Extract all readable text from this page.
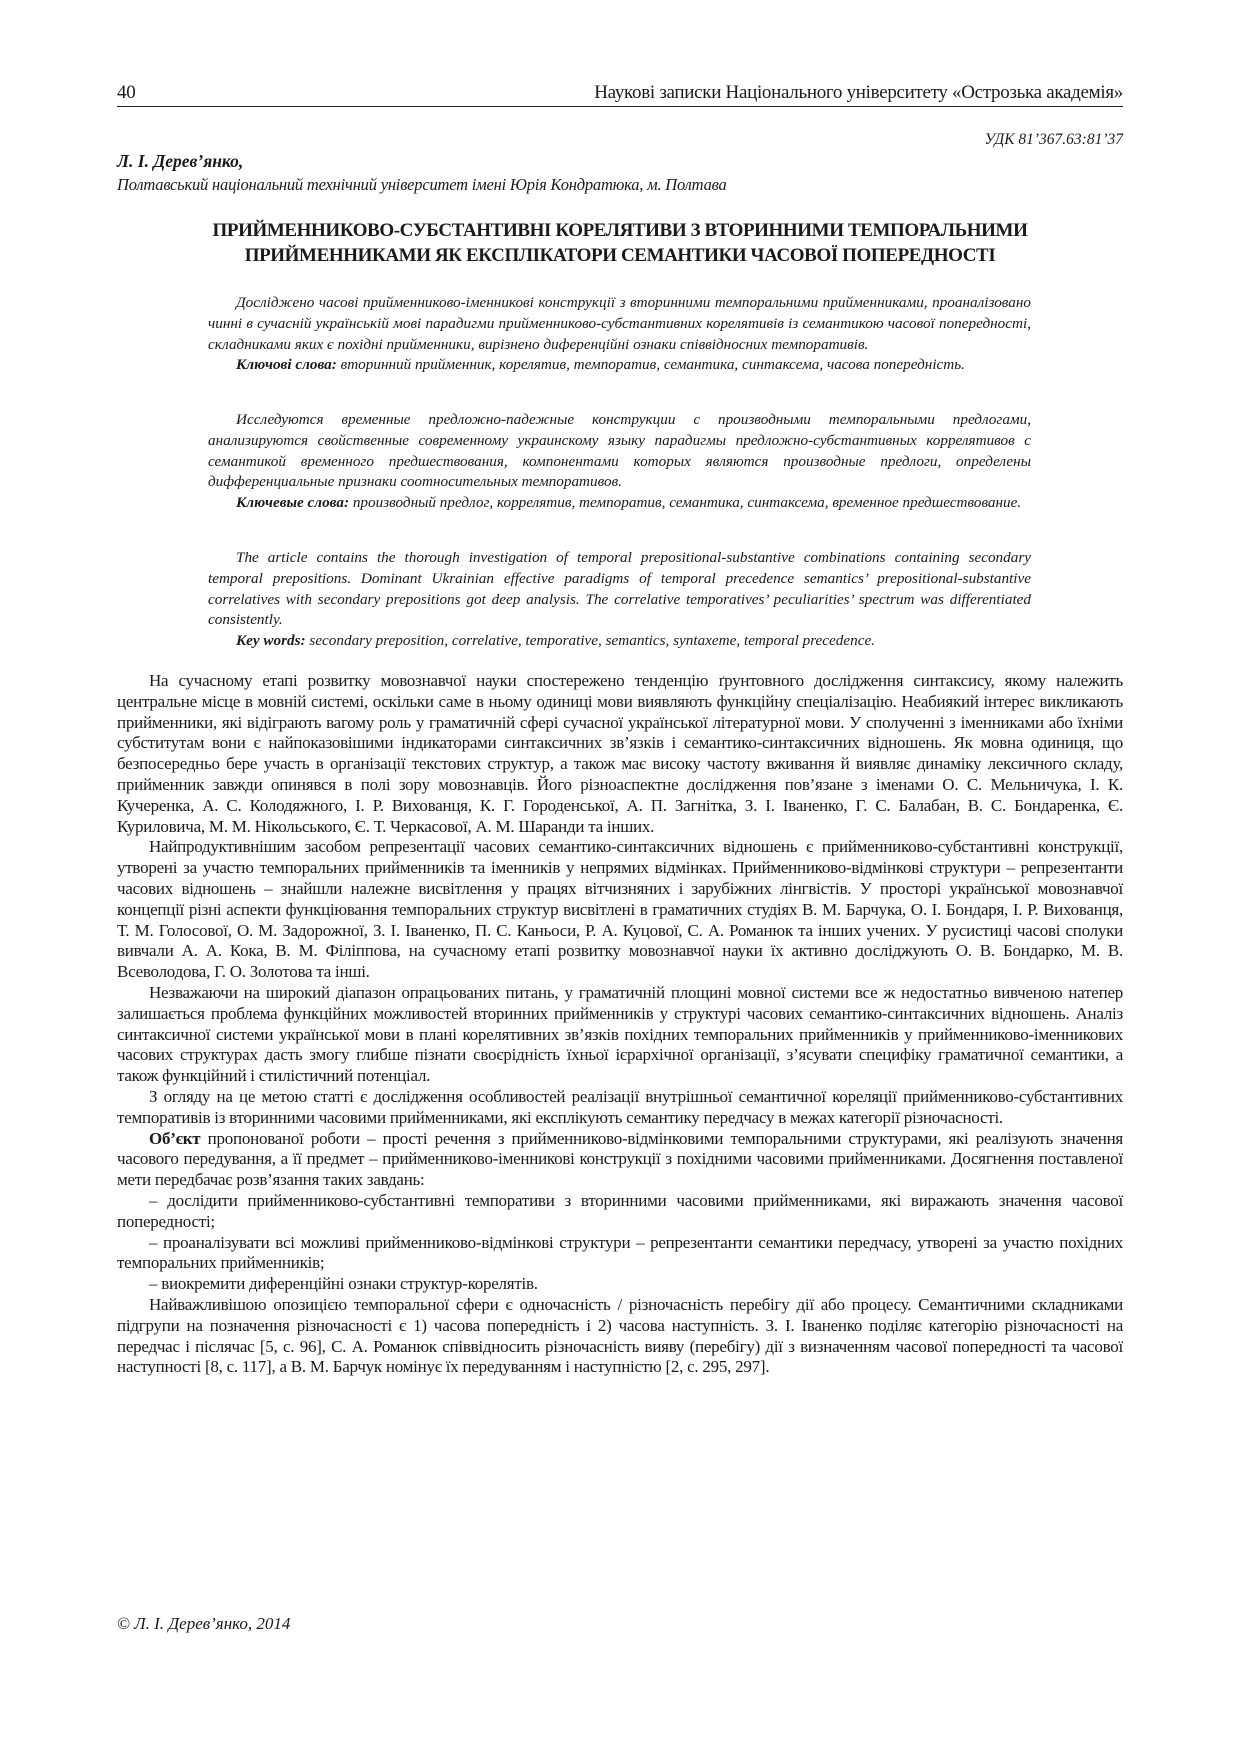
40	Наукові записки Національного університету «Острозька академія»
УДК 81’367.63:81’37
Л. І. Дерев’янко,
Полтавський національний технічний університет імені Юрія Кондратюка, м. Полтава
ПРИЙМЕННИКОВО-СУБСТАНТИВНІ КОРЕЛЯТИВИ З ВТОРИННИМИ ТЕМПОРАЛЬНИМИ
ПРИЙМЕННИКАМИ ЯК ЕКСПЛІКАТОРИ СЕМАНТИКИ ЧАСОВОЇ ПОПЕРЕДНОСТІ

Досліджено часові прийменниково-іменникові конструкції з вторинними темпоральними прийменниками, проаналізовано чинні в сучасній українській мові парадигми прийменниково-субстантивних корелятивів із семантикою часової попередності, складниками яких є похідні прийменники, вирізнено диференційні ознаки співвідносних темпоративів.

Ключові слова: вторинний прийменник, корелятив, темпоратив, семантика, синтаксема, часова попередність.

Исследуются временные предложно-падежные конструкции с производными темпоральными предлогами, анализируются свойственные современному украинскому языку парадигмы предложно-субстантивных коррелятивов с семантикой временного предшествования, компонентами которых являются производные предлоги, определены дифференциальные признаки соотносительных темпоративов.

Ключевые слова: производный предлог, коррелятив, темпоратив, семантика, синтаксема, временное предшествование.

The article contains the thorough investigation of temporal prepositional-substantive combinations containing secondary temporal prepositions. Dominant Ukrainian effective paradigms of temporal precedence semantics’ prepositional-substantive correlatives with secondary prepositions got deep analysis. The correlative temporatives’ peculiarities’ spectrum was differentiated consistently.

Key words: secondary preposition, correlative, temporative, semantics, syntaxeme, temporal precedence.

На сучасному етапі розвитку мовознавчої науки спостережено тенденцію ґрунтовного дослідження синтаксису, якому належить центральне місце в мовній системі, оскільки саме в ньому одиниці мови виявляють функційну спеціалізацію. Неабиякий інтерес викликають прийменники, які відіграють вагому роль у граматичній сфері сучасної української літературної мови. У сполученні з іменниками або їхніми субститутам вони є найпоказовішими індикаторами синтаксичних зв’язків і семантико-синтаксичних відношень. Як мовна одиниця, що безпосередньо бере участь в організації текстових структур, а також має високу частоту вживання й виявляє динаміку лексичного складу, прийменник завжди опинявся в полі зору мовознавців. Його різноаспектне дослідження пов’язане з іменами О. С. Мельничука, І. К. Кучеренка, А. С. Колодяжного, І. Р. Вихованця, К. Г. Городенської, А. П. Загнітка, З. І. Іваненко, Г. С. Балабан, В. С. Бондаренка, Є. Куриловича, М. М. Нікольського, Є. Т. Черкасової, А. М. Шаранди та інших.

Найпродуктивнішим засобом репрезентації часових семантико-синтаксичних відношень є прийменниково-субстантивні конструкції, утворені за участю темпоральних прийменників та іменників у непрямих відмінках. Прийменниково-відмінкові структури – репрезентанти часових відношень – знайшли належне висвітлення у працях вітчизняних і зарубіжних лінгвістів. У просторі української мовознавчої концепції різні аспекти функціювання темпоральних структур висвітлені в граматичних студіях В. М. Барчука, О. І. Бондаря, І. Р. Вихованця, Т. М. Голосової, О. М. Задорожної, З. І. Іваненко, П. С. Каньоси, Р. А. Куцової, С. А. Романюк та інших учених. У русистиці часові сполуки вивчали А. А. Кока, В. М. Філіппова, на сучасному етапі розвитку мовознавчої науки їх активно досліджують О. В. Бондарко, М. В. Всеволодова, Г. О. Золотова та інші.

Незважаючи на широкий діапазон опрацьованих питань, у граматичній площині мовної системи все ж недостатньо вивченою натепер залишається проблема функційних можливостей вторинних прийменників у структурі часових семантико-синтаксичних відношень. Аналіз синтаксичної системи української мови в плані корелятивних зв’язків похідних темпоральних прийменників у прийменниково-іменникових часових структурах дасть змогу глибше пізнати своєрідність їхньої ієрархічної організації, з’ясувати специфіку граматичної семантики, а також функційний і стилістичний потенціал.

З огляду на це метою статті є дослідження особливостей реалізації внутрішньої семантичної кореляції прийменниково-субстантивних темпоративів із вторинними часовими прийменниками, які експлікують семантику передчасу в межах категорії різночасності.

Об’єкт пропонованої роботи – прості речення з прийменниково-відмінковими темпоральними структурами, які реалізують значення часового передування, а її предмет – прийменниково-іменникові конструкції з похідними часовими прийменниками. Досягнення поставленої мети передбачає розв’язання таких завдань:

– дослідити прийменниково-субстантивні темпоративи з вторинними часовими прийменниками, які виражають значення часової попередності;

– проаналізувати всі можливі прийменниково-відмінкові структури – репрезентанти семантики передчасу, утворені за участю похідних темпоральних прийменників;

– виокремити диференційні ознаки структур-корелятів.

Найважливішою опозицією темпоральної сфери є одночасність / різночасність перебігу дії або процесу. Семантичними складниками підгрупи на позначення різночасності є 1) часова попередність і 2) часова наступність. З. І. Іваненко поділяє категорію різночасності на передчас і післячас [5, с. 96], С. А. Романюк співвідносить різночасність вияву (перебігу) дії з визначенням часової попередності та часової наступності [8, с. 117], а В. М. Барчук номінує їх передуванням і наступністю [2, с. 295, 297].

© Л. І. Дерев’янко, 2014
